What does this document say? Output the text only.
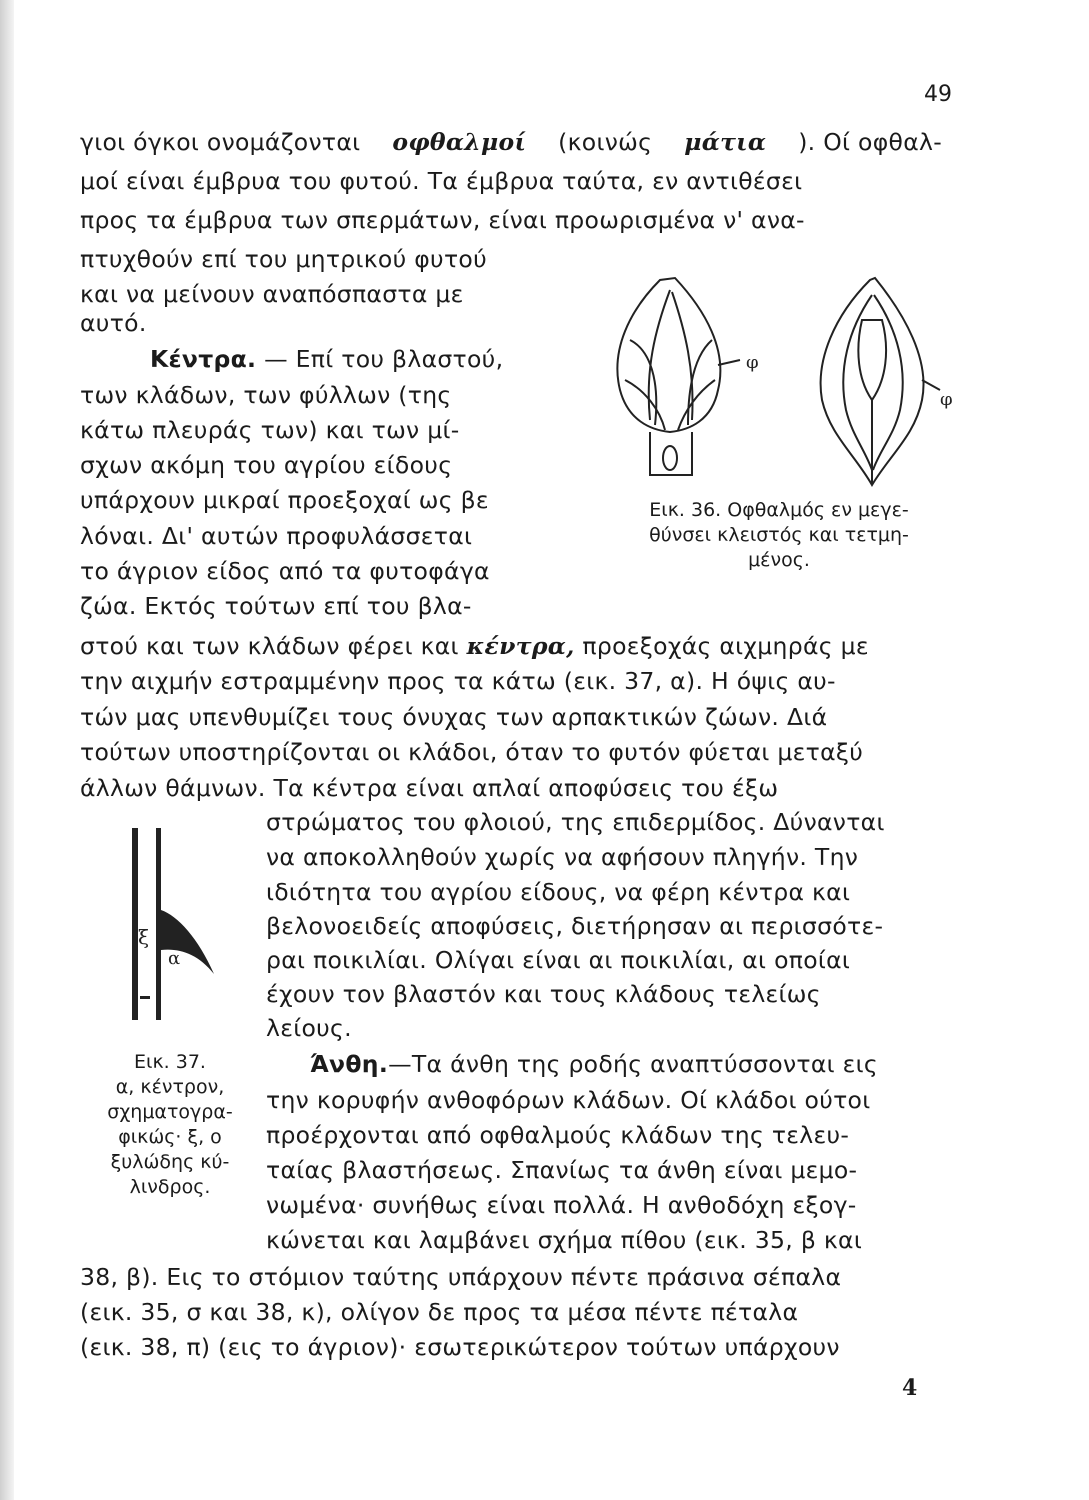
49
γιοι όγκοι ονομάζονται οφθαλμοί (κοινώς μάτια ). Οί οφθαλ-
μοί είναι έμβρυα του φυτού. Τα έμβρυα ταύτα, εν αντιθέσει
προς τα έμβρυα των σπερμάτων, είναι προωρισμένα ν' ανα-
πτυχθούν επί του μητρικού φυτού
και να μείνουν αναπόσπαστα με
αυτό.
Κέντρα. — Επί του βλαστού,
των κλάδων, των φύλλων (της
κάτω πλευράς των) και των μί-
σχων ακόμη του αγρίου είδους
υπάρχουν μικραί προεξοχαί ως βε
λόναι. Δι' αυτών προφυλάσσεται
το άγριον είδος από τα φυτοφάγα
ζώα. Εκτός τούτων επί του βλα-
φ
φ
Εικ. 36. Οφθαλμός εν μεγε-
θύνσει κλειστός και τετμη-
μένος.
στού και των κλάδων φέρει και κέντρα, προεξοχάς αιχμηράς με
την αιχμήν εστραμμένην προς τα κάτω (εικ. 37, α). Η όψις αυ-
τών μας υπενθυμίζει τους όνυχας των αρπακτικών ζώων. Διά
τούτων υποστηρίζονται οι κλάδοι, όταν το φυτόν φύεται μεταξύ
άλλων θάμνων. Τα κέντρα είναι απλαί αποφύσεις του έξω
στρώματος του φλοιού, της επιδερμίδος. Δύνανται
να αποκολληθούν χωρίς να αφήσουν πληγήν. Την
ιδιότητα του αγρίου είδους, να φέρη κέντρα και
βελονοειδείς αποφύσεις, διετήρησαν αι περισσότε-
ραι ποικιλίαι. Ολίγαι είναι αι ποικιλίαι, αι οποίαι
έχουν τον βλαστόν και τους κλάδους τελείως
λείους.
Άνθη.—Τα άνθη της ροδής αναπτύσσονται εις
την κορυφήν ανθοφόρων κλάδων. Οί κλάδοι ούτοι
προέρχονται από οφθαλμούς κλάδων της τελευ-
ταίας βλαστήσεως. Σπανίως τα άνθη είναι μεμο-
νωμένα· συνήθως είναι πολλά. Η ανθοδόχη εξογ-
κώνεται και λαμβάνει σχήμα πίθου (εικ. 35, β και
ξ
α
Εικ. 37.
α, κέντρον,
σχηματογρα-
φικώς· ξ, ο
ξυλώδης κύ-
λινδρος.
38, β). Εις το στόμιον ταύτης υπάρχουν πέντε πράσινα σέπαλα
(εικ. 35, σ και 38, κ), ολίγον δε προς τα μέσα πέντε πέταλα
(εικ. 38, π) (εις το άγριον)· εσωτερικώτερον τούτων υπάρχουν
4
